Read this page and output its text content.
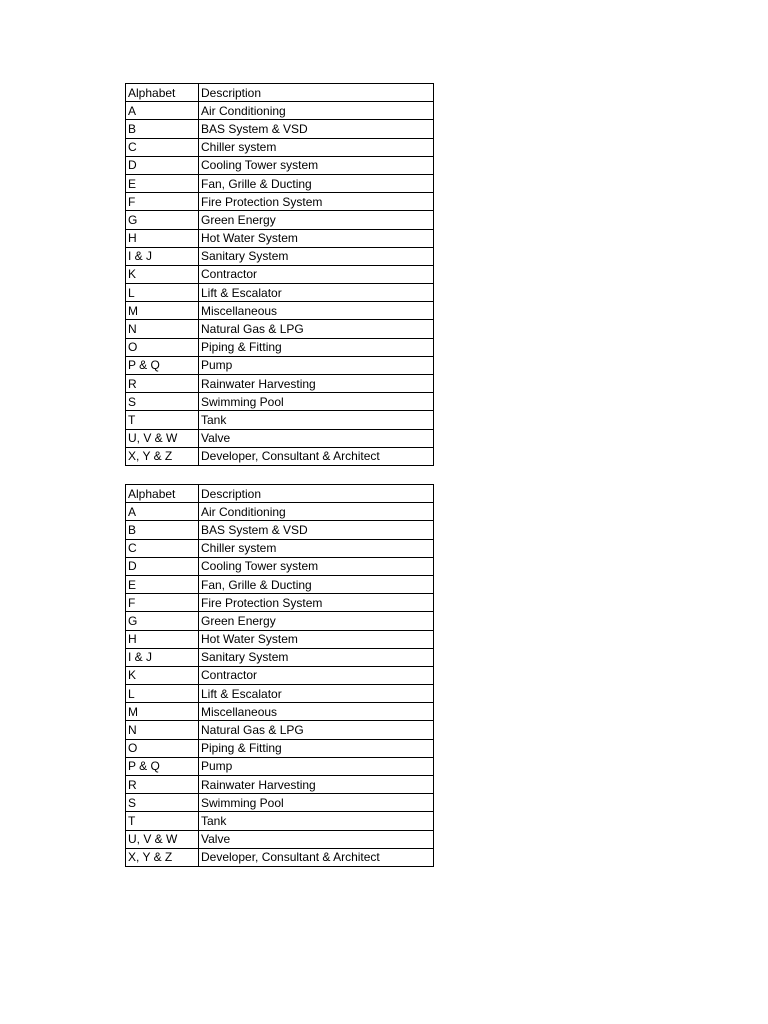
Alphabet	Description
A	Air Conditioning
B	BAS System & VSD
C	Chiller system
D	Cooling Tower system
E	Fan, Grille & Ducting
F	Fire Protection System
G	Green Energy
H	Hot Water System
I & J	Sanitary System
K	Contractor
L	Lift & Escalator
M	Miscellaneous
N	Natural Gas & LPG
O	Piping & Fitting
P & Q	Pump
R	Rainwater Harvesting
S	Swimming Pool
T	Tank
U, V & W	Valve
X, Y & Z	Developer, Consultant & Architect
Alphabet	Description
A	Air Conditioning
B	BAS System & VSD
C	Chiller system
D	Cooling Tower system
E	Fan, Grille & Ducting
F	Fire Protection System
G	Green Energy
H	Hot Water System
I & J	Sanitary System
K	Contractor
L	Lift & Escalator
M	Miscellaneous
N	Natural Gas & LPG
O	Piping & Fitting
P & Q	Pump
R	Rainwater Harvesting
S	Swimming Pool
T	Tank
U, V & W	Valve
X, Y & Z	Developer, Consultant & Architect
